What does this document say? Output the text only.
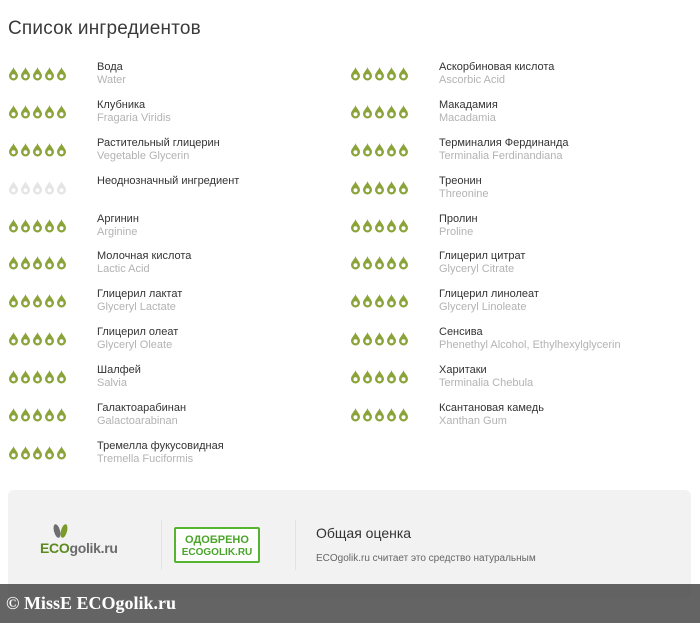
Список ингредиентов
Вода
Water
Клубника
Fragaria Viridis
Растительный глицерин
Vegetable Glycerin
Неоднозначный ингредиент
Аргинин
Arginine
Молочная кислота
Lactic Acid
Глицерил лактат
Glyceryl Lactate
Глицерил олеат
Glyceryl Oleate
Шалфей
Salvia
Галактоарабинан
Galactoarabinan
Тремелла фукусовидная
Tremella Fuciformis
Аскорбиновая кислота
Ascorbic Acid
Макадамия
Macadamia
Терминалия Фердинанда
Terminalia Ferdinandiana
Треонин
Threonine
Пролин
Proline
Глицерил цитрат
Glyceryl Citrate
Глицерил линолеат
Glyceryl Linoleate
Сенсива
Phenethyl Alcohol, Ethylhexylglycerin
Харитаки
Terminalia Chebula
Ксантановая камедь
Xanthan Gum
ECOgolik.ru	ОДОБРЕНО
ECOGOLIK.RU
Общая оценка
ECOgolik.ru считает это средство натуральным
© MissE ECOgolik.ru
